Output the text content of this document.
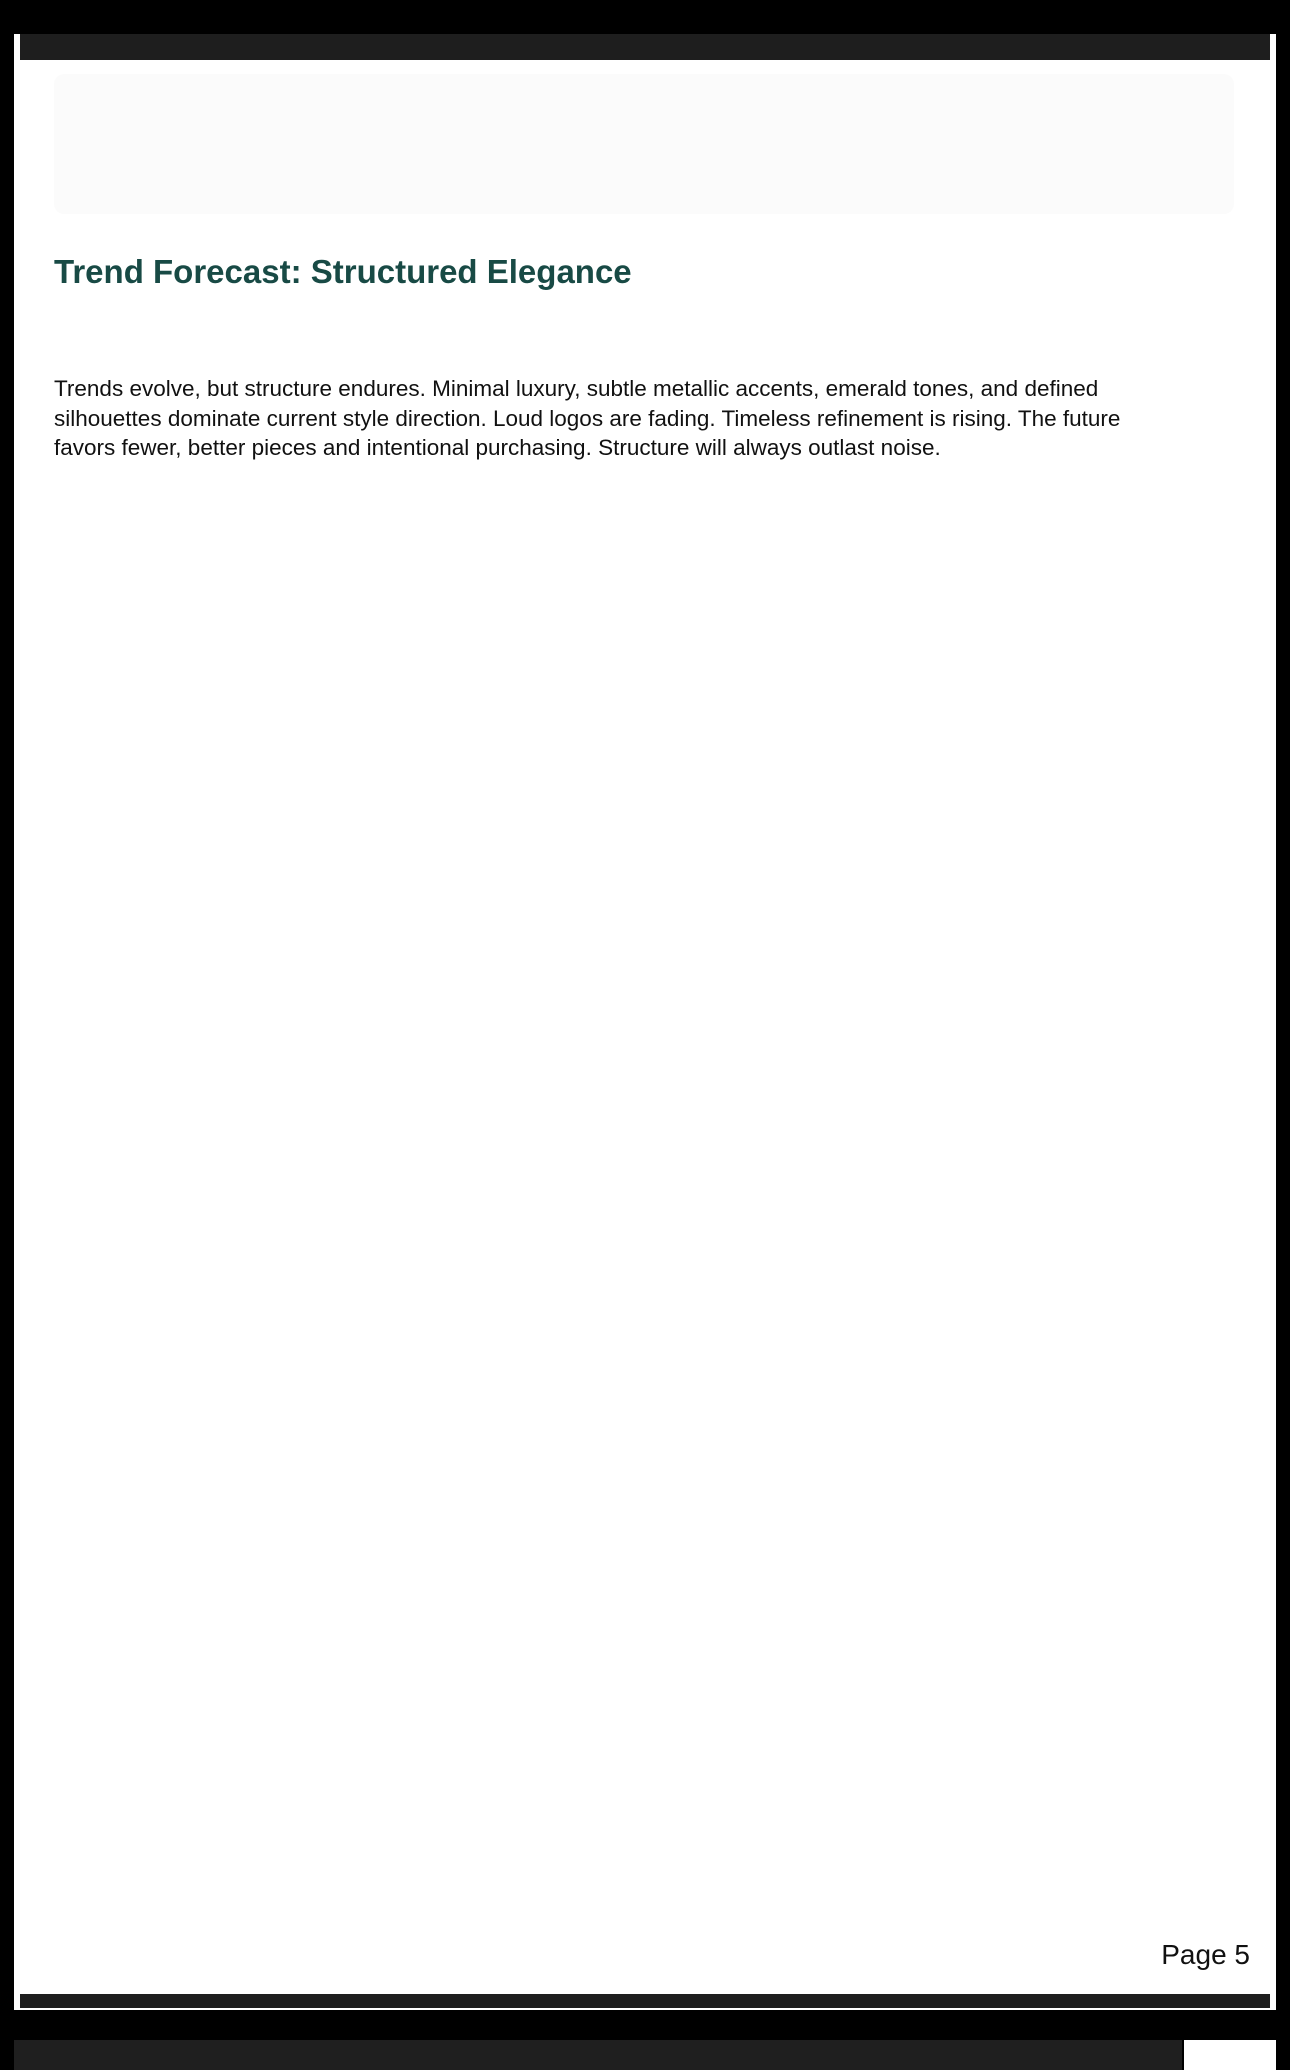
Trend Forecast: Structured Elegance

Trends evolve, but structure endures. Minimal luxury, subtle metallic accents, emerald tones, and defined silhouettes dominate current style direction. Loud logos are fading. Timeless refinement is rising. The future favors fewer, better pieces and intentional purchasing. Structure will always outlast noise.

Page 5
